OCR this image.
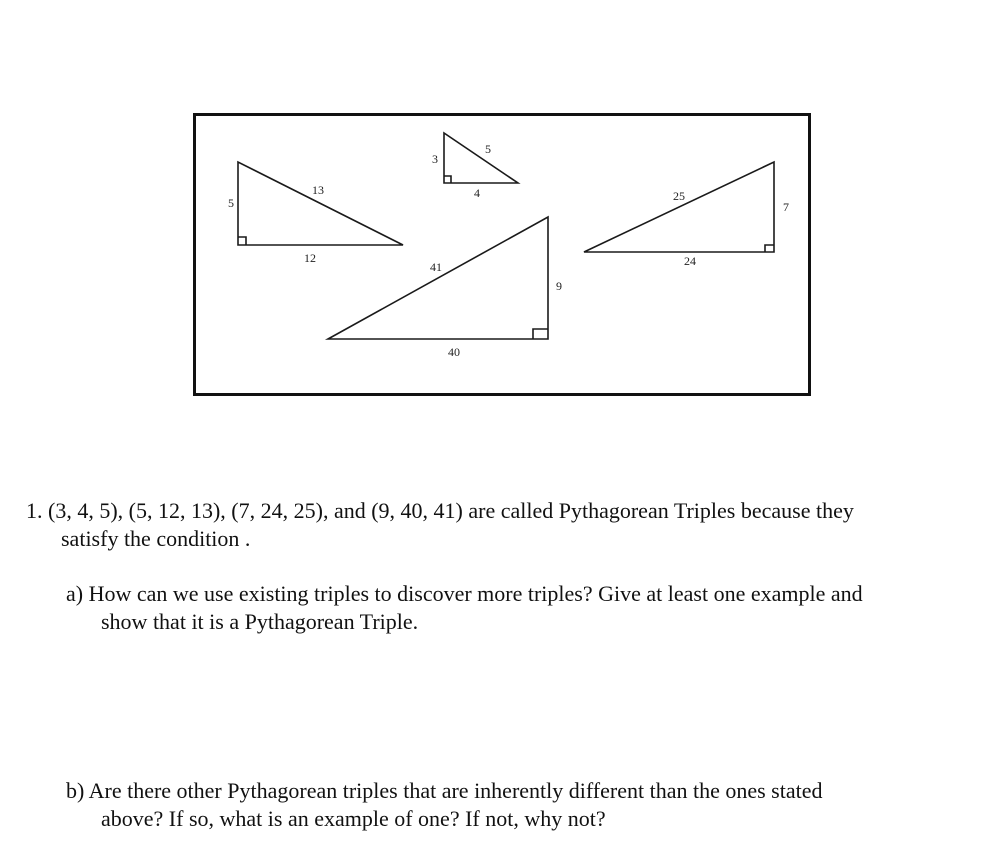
5
12
13
3
4
5
9
40
41
7
24
25

1. (3, 4, 5), (5, 12, 13), (7, 24, 25), and (9, 40, 41) are called Pythagorean Triples because they

satisfy the condition .

a) How can we use existing triples to discover more triples? Give at least one example and

show that it is a Pythagorean Triple.

b) Are there other Pythagorean triples that are inherently different than the ones stated

above? If so, what is an example of one? If not, why not?
